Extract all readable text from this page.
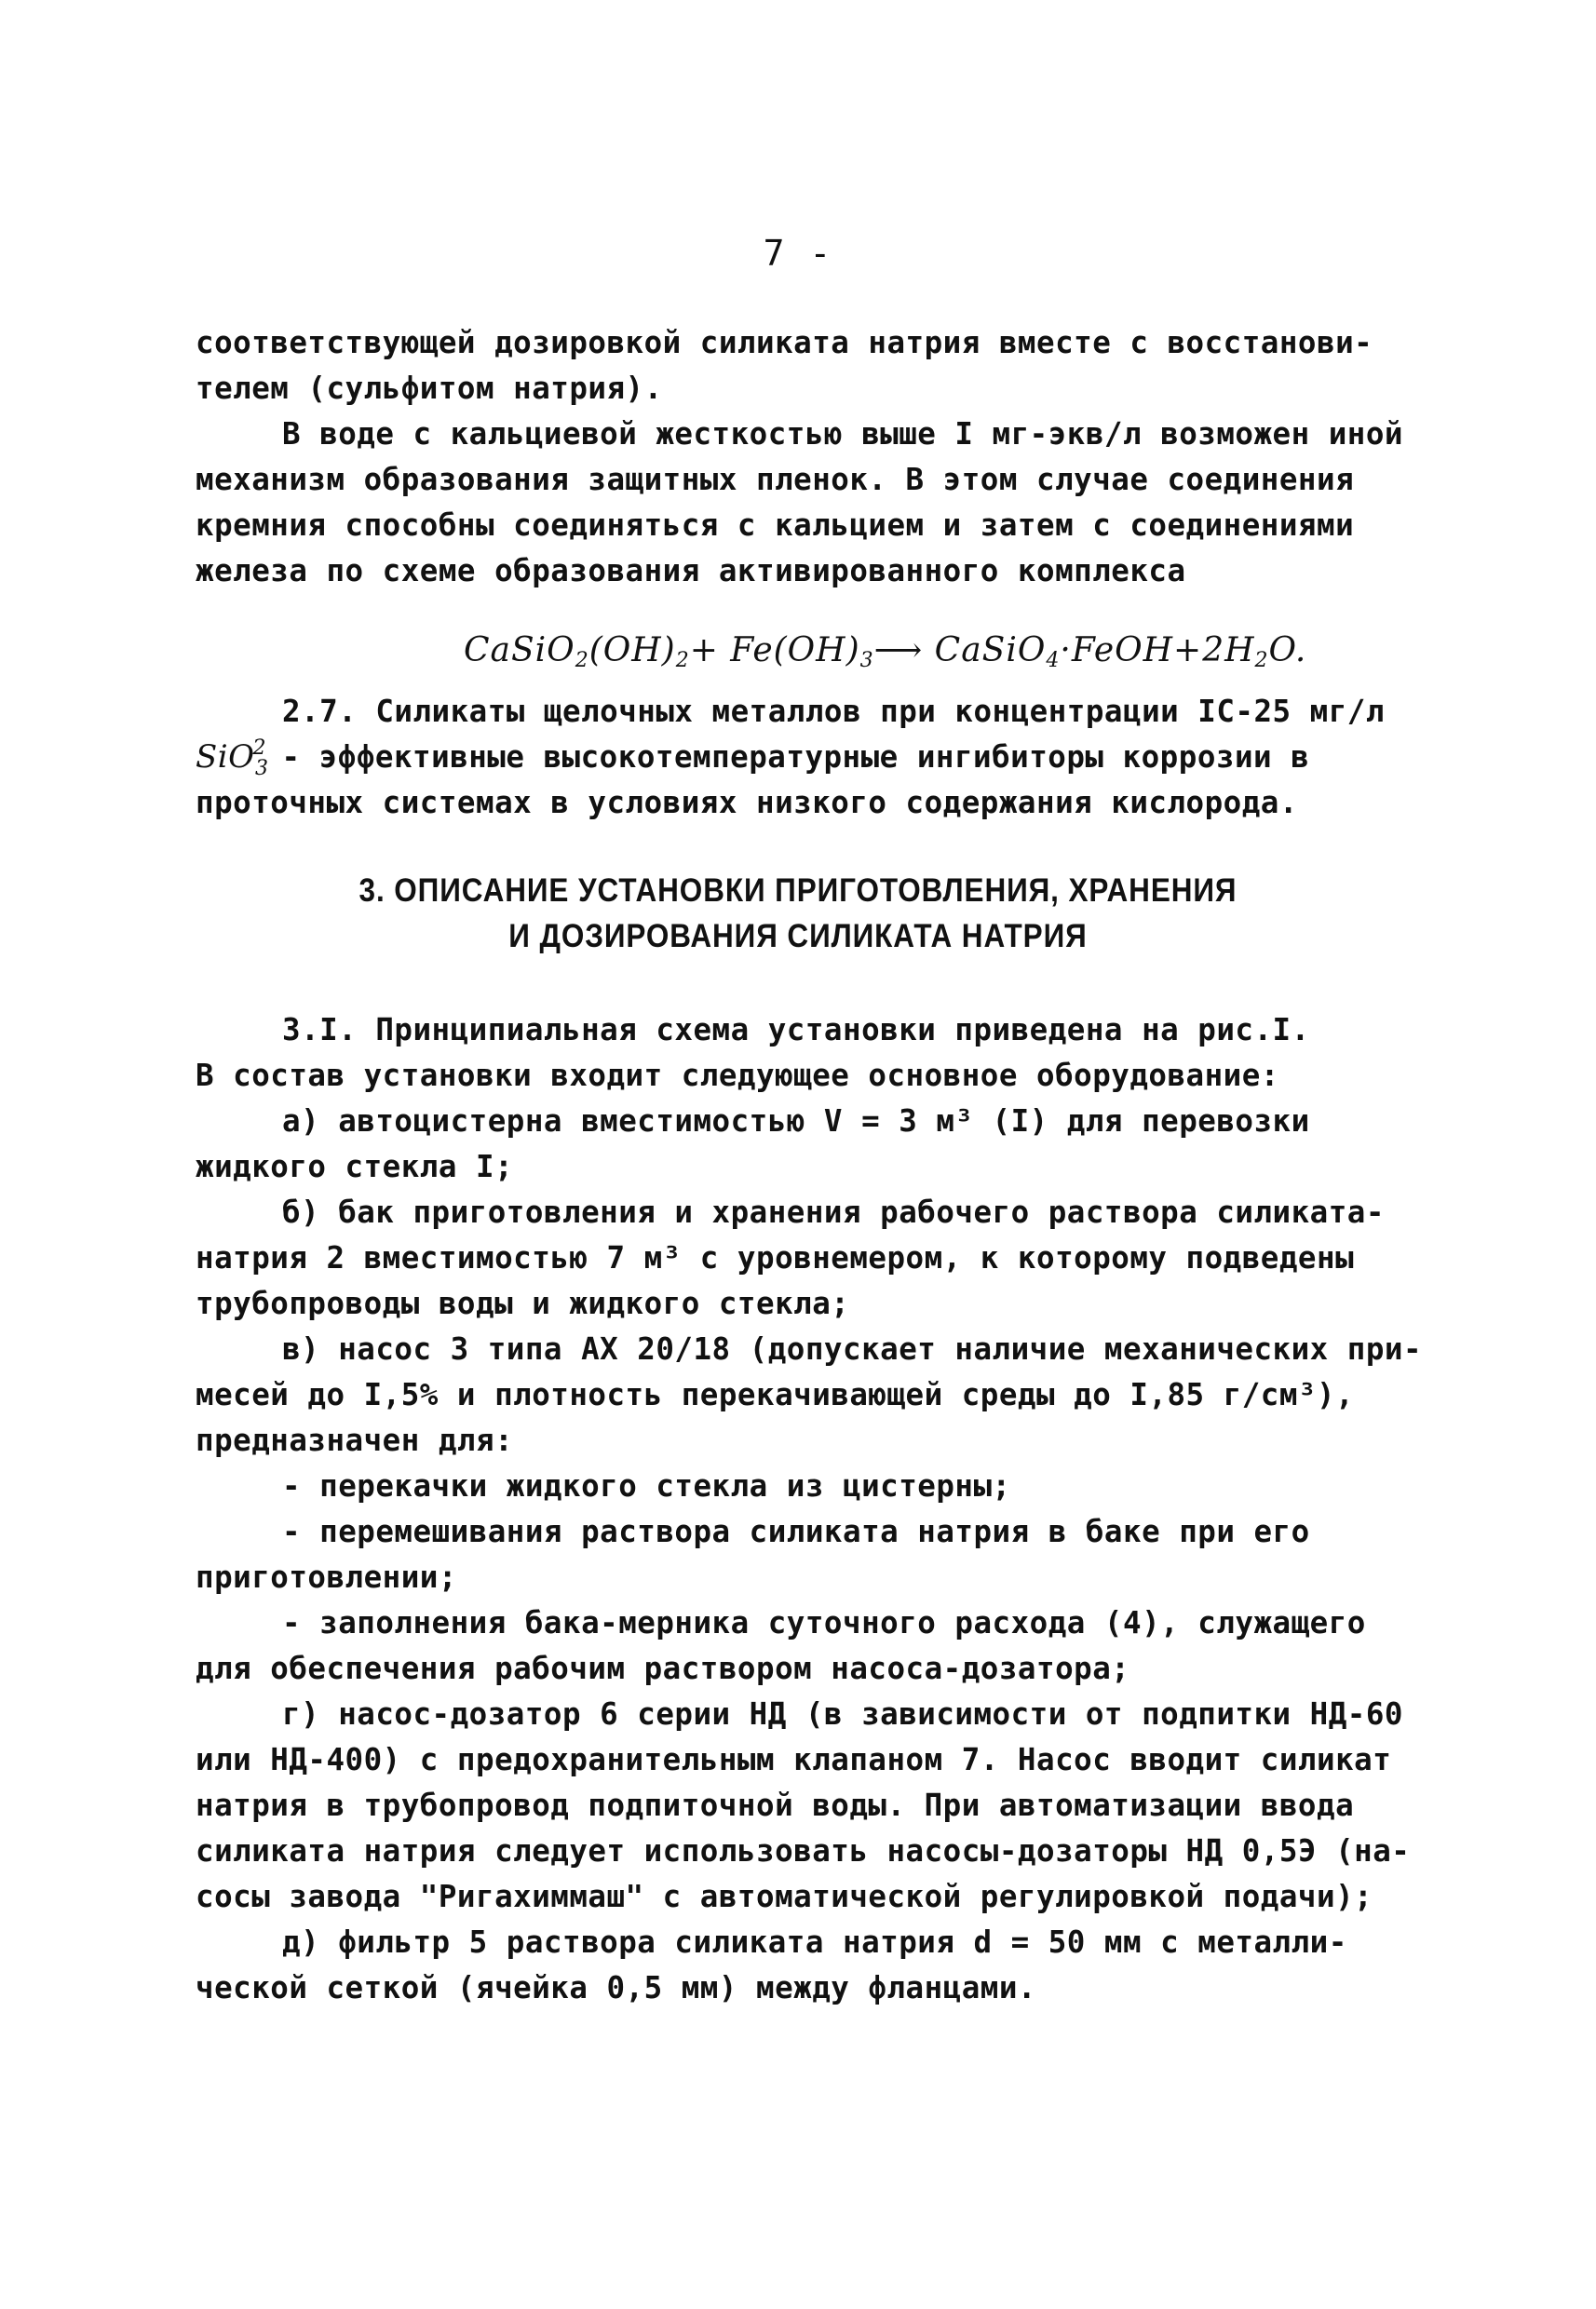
7 -
соответствующей дозировкой силиката натрия вместе с восстанови-
телем (сульфитом натрия).
В воде с кальциевой жесткостью выше I мг-экв/л возможен иной
механизм образования защитных пленок. В этом случае соединения
кремния способны соединяться с кальцием и затем с соединениями
железа по схеме образования активированного комплекса
$CaSiO_2(OH)_2+$ $Fe(OH)_3⟶$ $CaSiO_4\cdot FeOH+2H_2O$.
2.7. Силикаты щелочных металлов при концентрации IC-25 мг/л
SiO$^2_3$ - эффективные высокотемпературные ингибиторы коррозии в
проточных системах в условиях низкого содержания кислорода.
3. ОПИСАНИЕ УСТАНОВКИ ПРИГОТОВЛЕНИЯ, ХРАНЕНИЯ
И ДОЗИРОВАНИЯ СИЛИКАТА НАТРИЯ
3.I. Принципиальная схема установки приведена на рис.I.
В состав установки входит следующее основное оборудование:
а) автоцистерна вместимостью V = 3 м³ (I) для перевозки
жидкого стекла I;
б) бак приготовления и хранения рабочего раствора силиката-
натрия 2 вместимостью 7 м³ с уровнемером, к которому подведены
трубопроводы воды и жидкого стекла;
в) насос 3 типа АХ 20/18 (допускает наличие механических при-
месей до I,5% и плотность перекачивающей среды до I,85 г/см³),
предназначен для:
- перекачки жидкого стекла из цистерны;
- перемешивания раствора силиката натрия в баке при его
приготовлении;
- заполнения бака-мерника суточного расхода (4), служащего
для обеспечения рабочим раствором насоса-дозатора;
г) насос-дозатор 6 серии НД (в зависимости от подпитки НД-60
или НД-400) с предохранительным клапаном 7. Насос вводит силикат
натрия в трубопровод подпиточной воды. При автоматизации ввода
силиката натрия следует использовать насосы-дозаторы НД 0,5Э (на-
сосы завода "Ригахиммаш" с автоматической регулировкой подачи);
д) фильтр 5 раствора силиката натрия d = 50 мм с металли-
ческой сеткой (ячейка 0,5 мм) между фланцами.
